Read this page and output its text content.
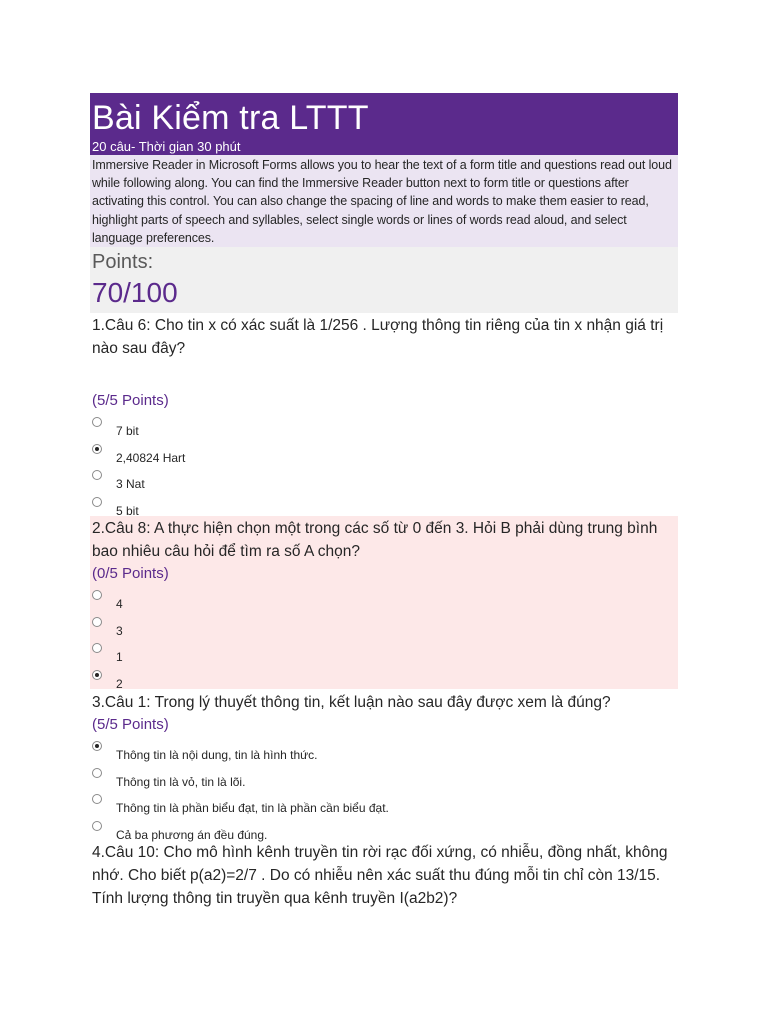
Bài Kiểm tra LTTT
20 câu- Thời gian 30 phút
Immersive Reader in Microsoft Forms allows you to hear the text of a form title and questions read out loud while following along. You can find the Immersive Reader button next to form title or questions after activating this control. You can also change the spacing of line and words to make them easier to read, highlight parts of speech and syllables, select single words or lines of words read aloud, and select language preferences.
Points:
70/100
1.Câu 6: Cho tin x có xác suất là 1/256 . Lượng thông tin riêng của tin x nhận giá trị nào sau đây?
(5/5 Points)
7 bit
2,40824 Hart
3 Nat
5 bit
2.Câu 8: A thực hiện chọn một trong các số từ 0 đến 3. Hỏi B phải dùng trung bình bao nhiêu câu hỏi để tìm ra số A chọn?
(0/5 Points)
4
3
1
2
3.Câu 1: Trong lý thuyết thông tin, kết luận nào sau đây được xem là đúng?
(5/5 Points)
Thông tin là nội dung, tin là hình thức.
Thông tin là vỏ, tin là lõi.
Thông tin là phần biểu đạt, tin là phần cần biểu đạt.
Cả ba phương án đều đúng.
4.Câu 10: Cho mô hình kênh truyền tin rời rạc đối xứng, có nhiễu, đồng nhất, không nhớ. Cho biết p(a2)=2/7 . Do có nhiễu nên xác suất thu đúng mỗi tin chỉ còn 13/15. Tính lượng thông tin truyền qua kênh truyền I(a2b2)?
